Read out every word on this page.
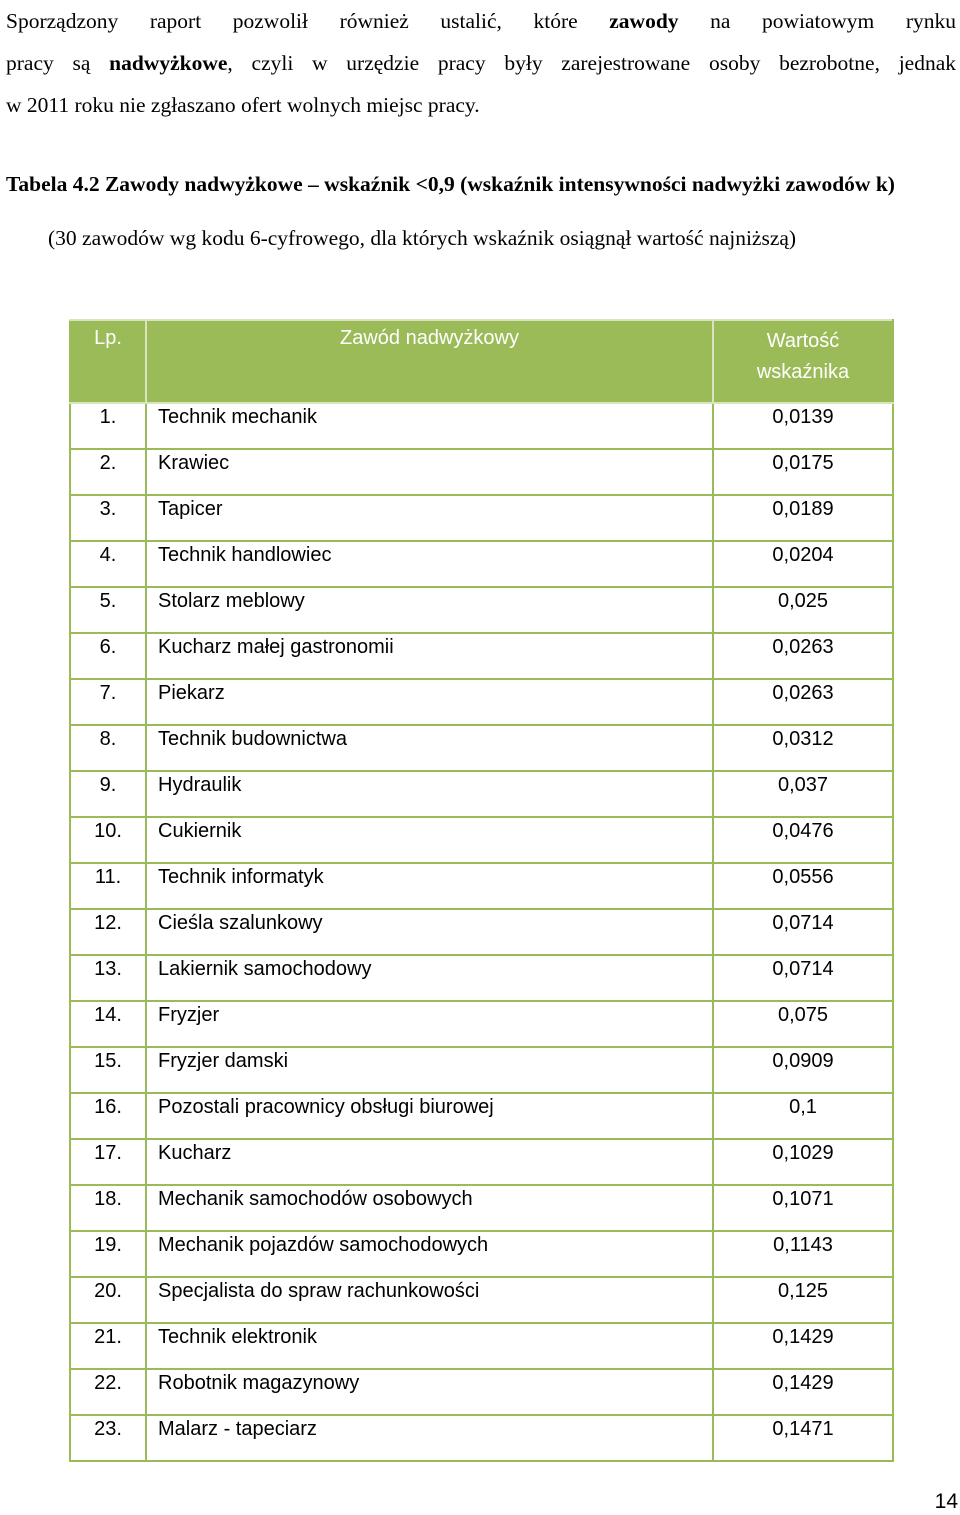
Sporządzony raport pozwolił również ustalić, które zawody na powiatowym rynku
pracy są nadwyżkowe, czyli w urzędzie pracy były zarejestrowane osoby bezrobotne, jednak
w 2011 roku nie zgłaszano ofert wolnych miejsc pracy.
Tabela 4.2 Zawody nadwyżkowe – wskaźnik <0,9 (wskaźnik intensywności nadwyżki zawodów k)
(30 zawodów wg kodu 6-cyfrowego, dla których wskaźnik osiągnął wartość najniższą)
Lp.	Zawód nadwyżkowy	Wartość
wskaźnika
1.	Technik mechanik	0,0139
2.	Krawiec	0,0175
3.	Tapicer	0,0189
4.	Technik handlowiec	0,0204
5.	Stolarz meblowy	0,025
6.	Kucharz małej gastronomii	0,0263
7.	Piekarz	0,0263
8.	Technik budownictwa	0,0312
9.	Hydraulik	0,037
10.	Cukiernik	0,0476
11.	Technik informatyk	0,0556
12.	Cieśla szalunkowy	0,0714
13.	Lakiernik samochodowy	0,0714
14.	Fryzjer	0,075
15.	Fryzjer damski	0,0909
16.	Pozostali pracownicy obsługi biurowej	0,1
17.	Kucharz	0,1029
18.	Mechanik samochodów osobowych	0,1071
19.	Mechanik pojazdów samochodowych	0,1143
20.	Specjalista do spraw rachunkowości	0,125
21.	Technik elektronik	0,1429
22.	Robotnik magazynowy	0,1429
23.	Malarz - tapeciarz	0,1471
14
